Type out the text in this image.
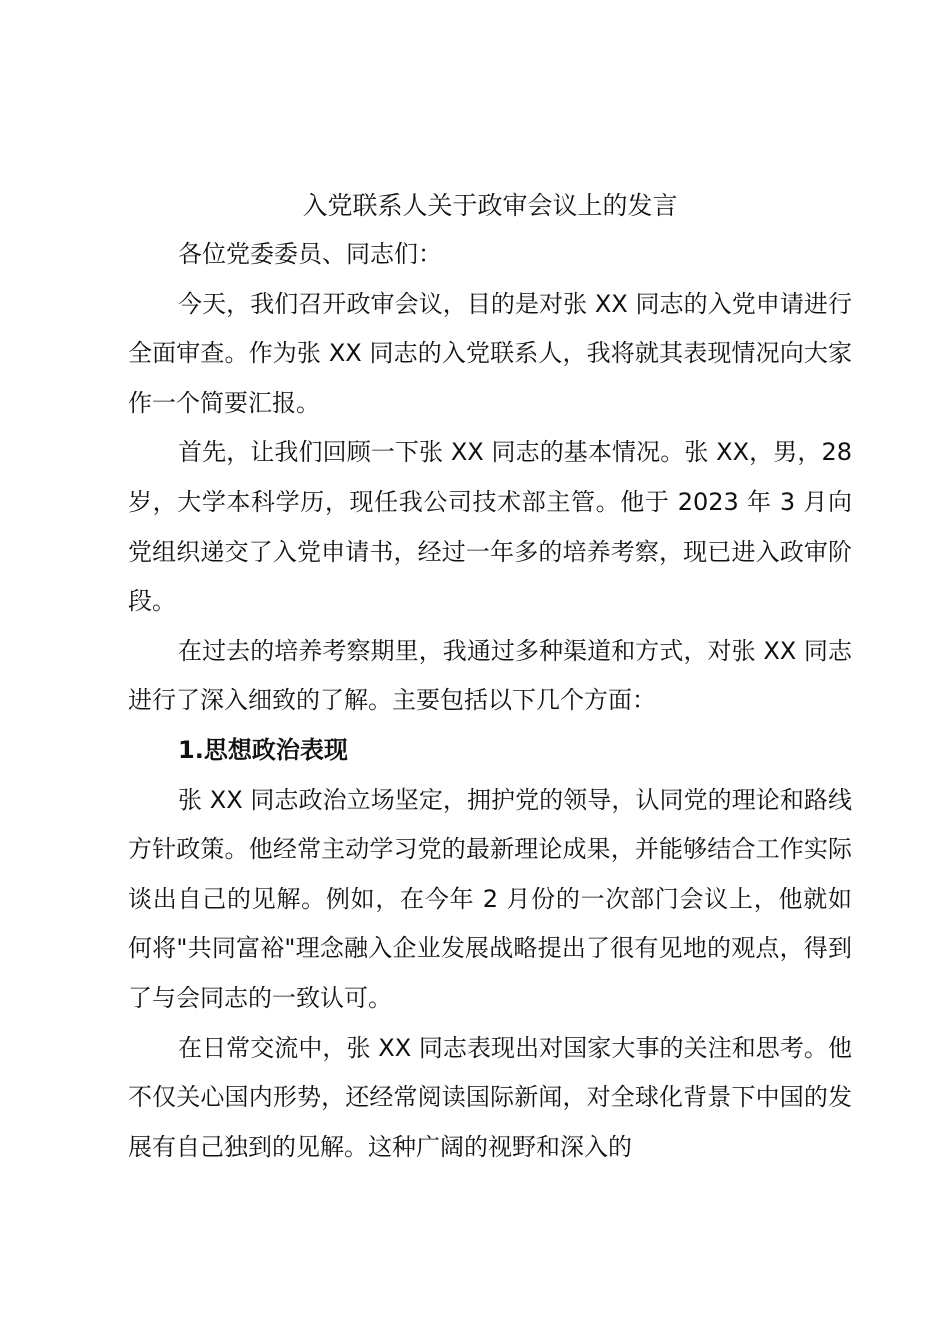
入党联系人关于政审会议上的发言

各位党委委员、同志们：

今天，我们召开政审会议，目的是对张 XX 同志的入党申请进行全面审查。作为张 XX 同志的入党联系人，我将就其表现情况向大家作一个简要汇报。

首先，让我们回顾一下张 XX 同志的基本情况。张 XX，男，28 岁，大学本科学历，现任我公司技术部主管。他于 2023 年 3 月向党组织递交了入党申请书，经过一年多的培养考察，现已进入政审阶段。

在过去的培养考察期里，我通过多种渠道和方式，对张 XX 同志进行了深入细致的了解。主要包括以下几个方面：

1.思想政治表现

张 XX 同志政治立场坚定，拥护党的领导，认同党的理论和路线方针政策。他经常主动学习党的最新理论成果，并能够结合工作实际谈出自己的见解。例如，在今年 2 月份的一次部门会议上，他就如何将"共同富裕"理念融入企业发展战略提出了很有见地的观点，得到了与会同志的一致认可。

在日常交流中，张 XX 同志表现出对国家大事的关注和思考。他不仅关心国内形势，还经常阅读国际新闻，对全球化背景下中国的发展有自己独到的见解。这种广阔的视野和深入的
